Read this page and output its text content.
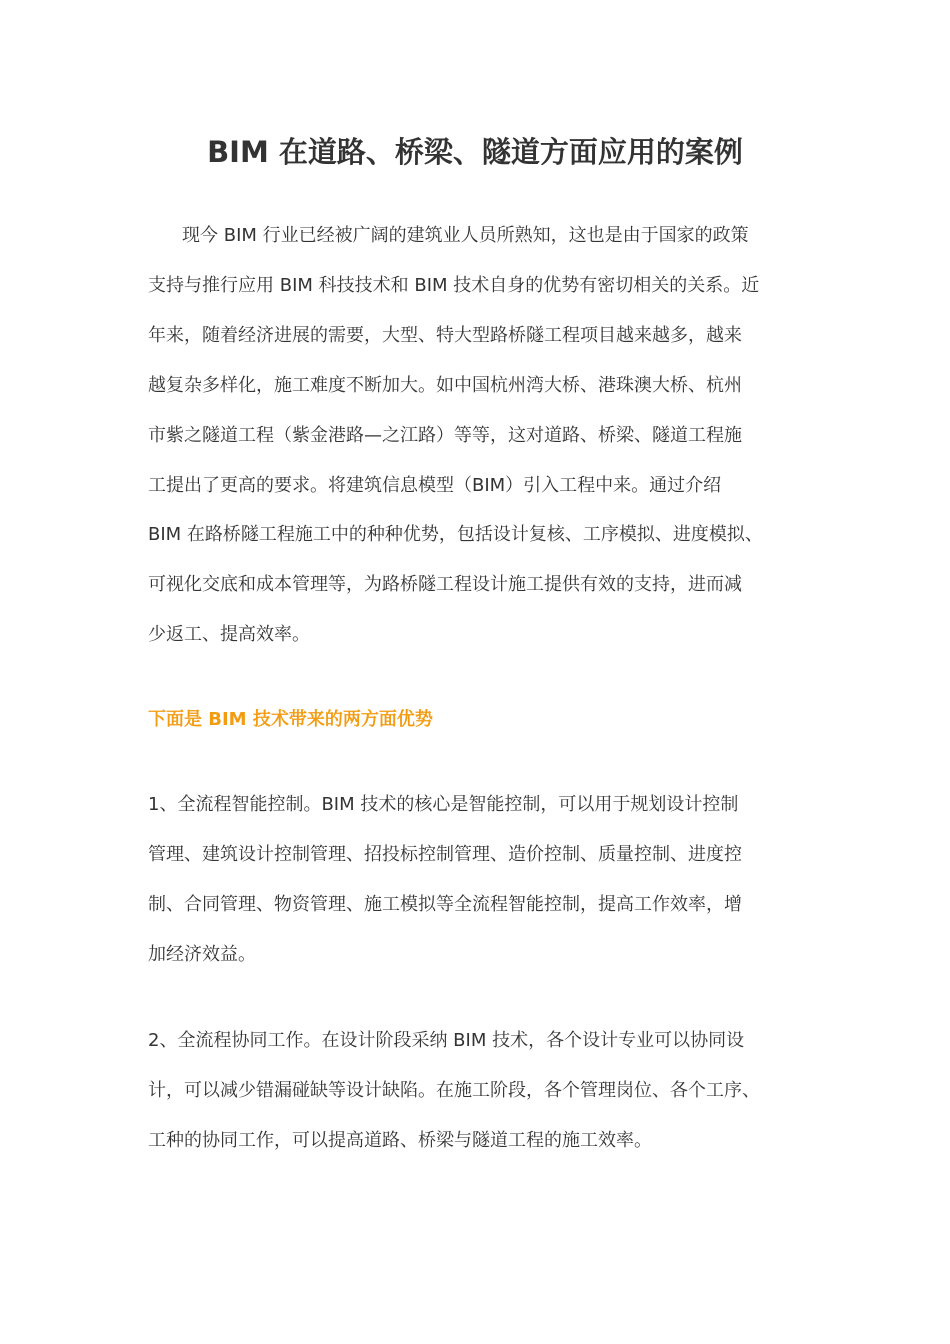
BIM 在道路、桥梁、隧道方面应用的案例
现今 BIM 行业已经被广阔的建筑业人员所熟知，这也是由于国家的政策
支持与推行应用 BIM 科技技术和 BIM 技术自身的优势有密切相关的关系。近
年来，随着经济进展的需要，大型、特大型路桥隧工程项目越来越多，越来
越复杂多样化，施工难度不断加大。如中国杭州湾大桥、港珠澳大桥、杭州
市紫之隧道工程（紫金港路—之江路）等等，这对道路、桥梁、隧道工程施
工提出了更高的要求。将建筑信息模型（BIM）引入工程中来。通过介绍
BIM 在路桥隧工程施工中的种种优势，包括设计复核、工序模拟、进度模拟、
可视化交底和成本管理等，为路桥隧工程设计施工提供有效的支持，进而减
少返工、提高效率。
下面是 BIM 技术带来的两方面优势
1、全流程智能控制。BIM 技术的核心是智能控制，可以用于规划设计控制
管理、建筑设计控制管理、招投标控制管理、造价控制、质量控制、进度控
制、合同管理、物资管理、施工模拟等全流程智能控制，提高工作效率，增
加经济效益。
2、全流程协同工作。在设计阶段采纳 BIM 技术，各个设计专业可以协同设
计，可以减少错漏碰缺等设计缺陷。在施工阶段，各个管理岗位、各个工序、
工种的协同工作，可以提高道路、桥梁与隧道工程的施工效率。
